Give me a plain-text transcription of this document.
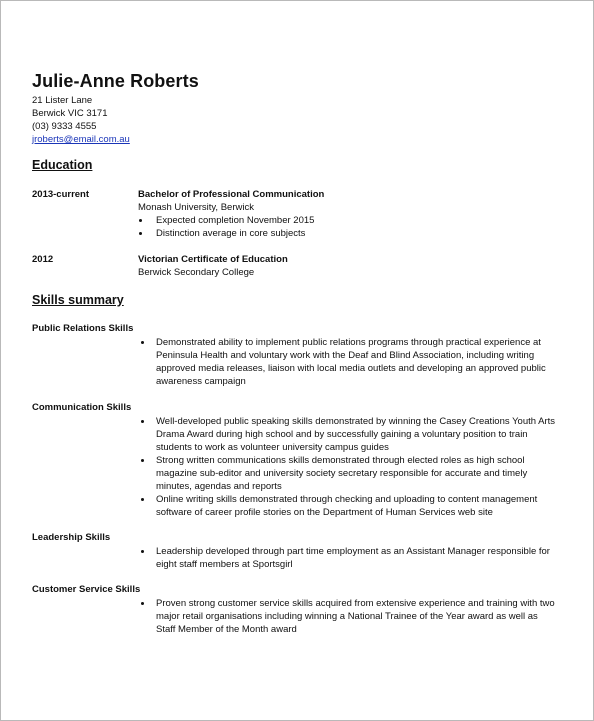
Julie-Anne Roberts
21 Lister Lane
Berwick VIC 3171
(03) 9333 4555
jroberts@email.com.au
Education
2013-current	Bachelor of Professional Communication
Monash University, Berwick
Expected completion November 2015
Distinction average in core subjects
2012	Victorian Certificate of Education
Berwick Secondary College
Skills summary
Public Relations Skills
Demonstrated ability to implement public relations programs through practical experience at Peninsula Health and voluntary work with the Deaf and Blind Association, including writing approved media releases, liaison with local media outlets and developing an approved public awareness campaign
Communication Skills
Well-developed public speaking skills demonstrated by winning the Casey Creations Youth Arts Drama Award during high school and by successfully gaining a voluntary position to train students to work as volunteer university campus guides
Strong written communications skills demonstrated through elected roles as high school magazine sub-editor and university society secretary responsible for accurate and timely minutes, agendas and reports
Online writing skills demonstrated through checking and uploading to content management software of career profile stories on the Department of Human Services web site
Leadership Skills
Leadership developed through part time employment as an Assistant Manager responsible for eight staff members at Sportsgirl
Customer Service Skills
Proven strong customer service skills acquired from extensive experience and training with two major retail organisations including winning a National Trainee of the Year award as well as Staff Member of the Month award
